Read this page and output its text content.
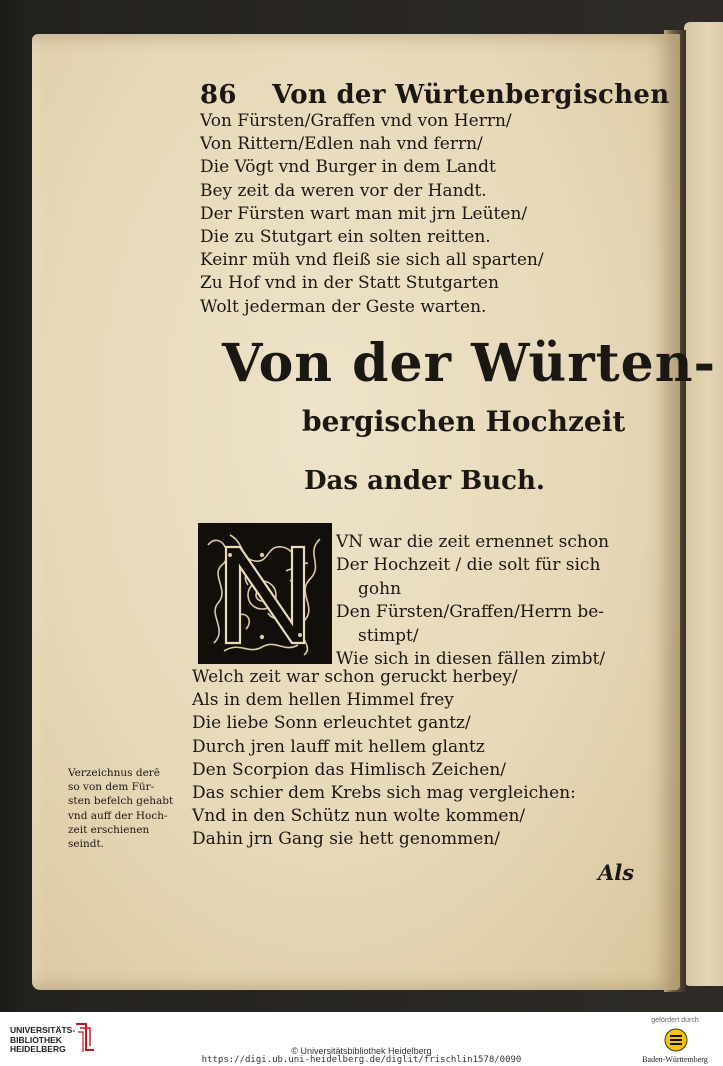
86 Von der Würtenbergischen
Von Fürsten/Graffen vnd von Herrn/
Von Rittern/Edlen nah vnd ferrn/
Die Vögt vnd Burger in dem Landt
Bey zeit da weren vor der Handt.
Der Fürsten wart man mit jrn Leüten/
Die zu Stutgart ein solten reitten.
Keinr müh vnd fleiß sie sich all sparten/
Zu Hof vnd in der Statt Stutgarten
Wolt jederman der Geste warten.
Von der Würten-
bergischen Hochzeit
Das ander Buch.
VN war die zeit ernennet schon
Der Hochzeit / die solt für sich
gohn
Den Fürsten/Graffen/Herrn be-
stimpt/
Wie sich in diesen fällen zimbt/
Welch zeit war schon geruckt herbey/
Als in dem hellen Himmel frey
Die liebe Sonn erleuchtet gantz/
Durch jren lauff mit hellem glantz
Den Scorpion das Himlisch Zeichen/
Das schier dem Krebs sich mag vergleichen:
Vnd in den Schütz nun wolte kommen/
Dahin jrn Gang sie hett genommen/
Verzeichnus derē
so von dem Für-
sten befelch gehabt
vnd auff der Hoch-
zeit erschienen
seindt.
Als
UNIVERSITÄTS-
BIBLIOTHEK
HEIDELBERG	© Universitätsbibliothek Heidelberg
https://digi.ub.uni-heidelberg.de/diglit/frischlin1578/0090
gefördert durch
Baden-Württemberg
